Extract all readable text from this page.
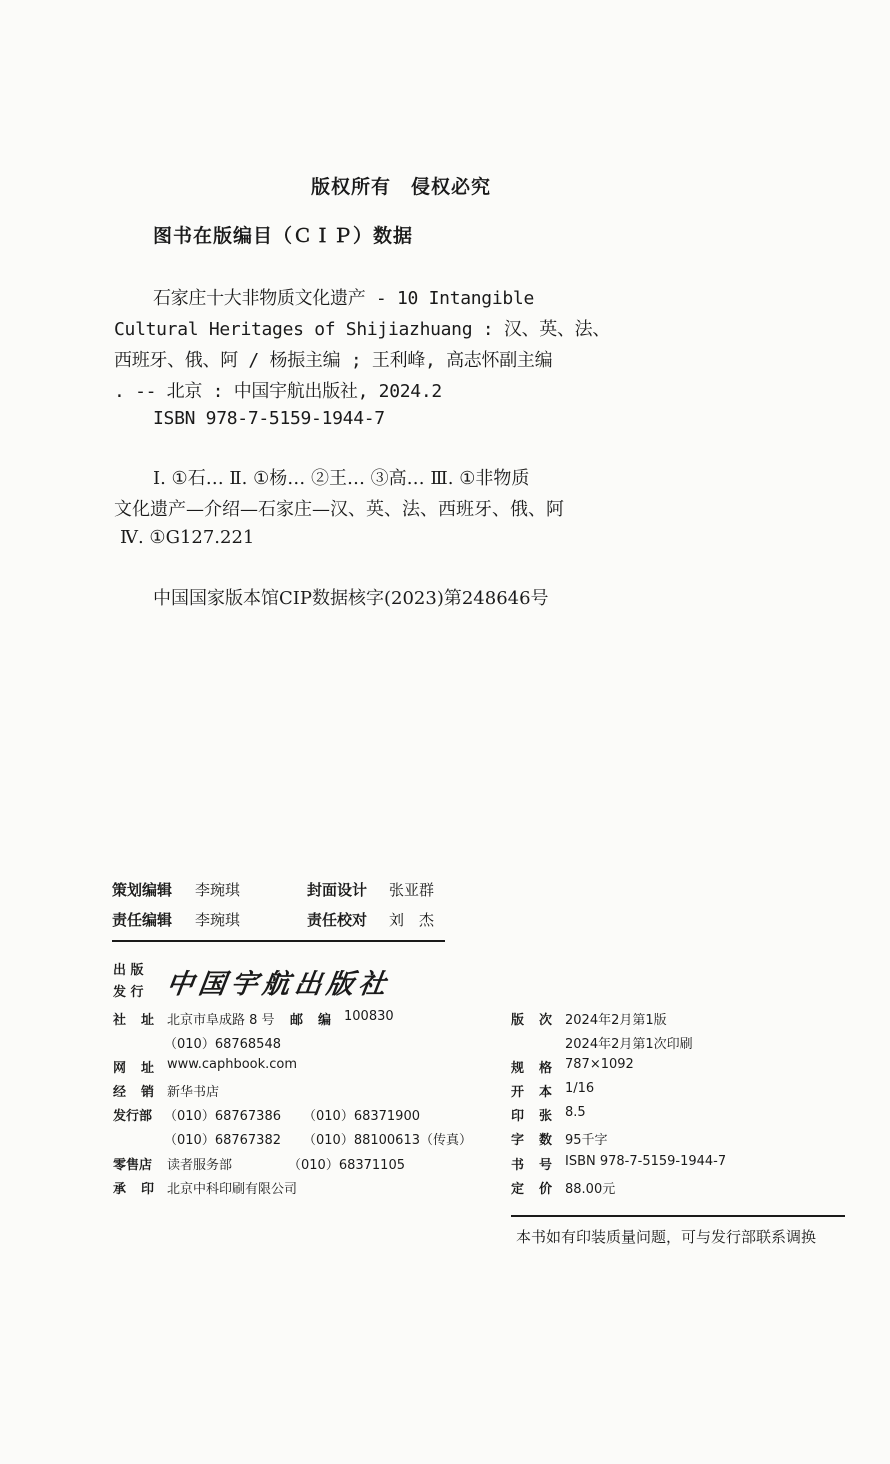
版权所有　侵权必究
图书在版编目（ＣＩＰ）数据
石家庄十大非物质文化遗产 - 10 Intangible
Cultural Heritages of Shijiazhuang : 汉、英、法、
西班牙、俄、阿 / 杨振主编 ; 王利峰, 高志怀副主编
. -- 北京 : 中国宇航出版社, 2024.2
ISBN 978-7-5159-1944-7
Ⅰ. ①石… Ⅱ. ①杨… ②王… ③高… Ⅲ. ①非物质
文化遗产—介绍—石家庄—汉、英、法、西班牙、俄、阿
Ⅳ. ①G127.221
中国国家版本馆CIP数据核字(2023)第248646号
策划编辑 李琬琪	封面设计 张亚群
责任编辑 李琬琪	责任校对 刘　杰
出 版
发 行 中国宇航出版社
社　址 北京市阜成路 8 号 邮　编 100830
（010）68768548
网　址 www.caphbook.com
经　销 新华书店
发行部 （010）68767386 （010）68371900
（010）68767382 （010）88100613（传真）
零售店 读者服务部	（010）68371105
承　印 北京中科印刷有限公司
版　次 2024年2月第1版
2024年2月第1次印刷
规　格 787×1092
开　本 1/16
印　张 8.5
字　数 95千字
书　号 ISBN 978-7-5159-1944-7
定　价 88.00元
本书如有印装质量问题，可与发行部联系调换
